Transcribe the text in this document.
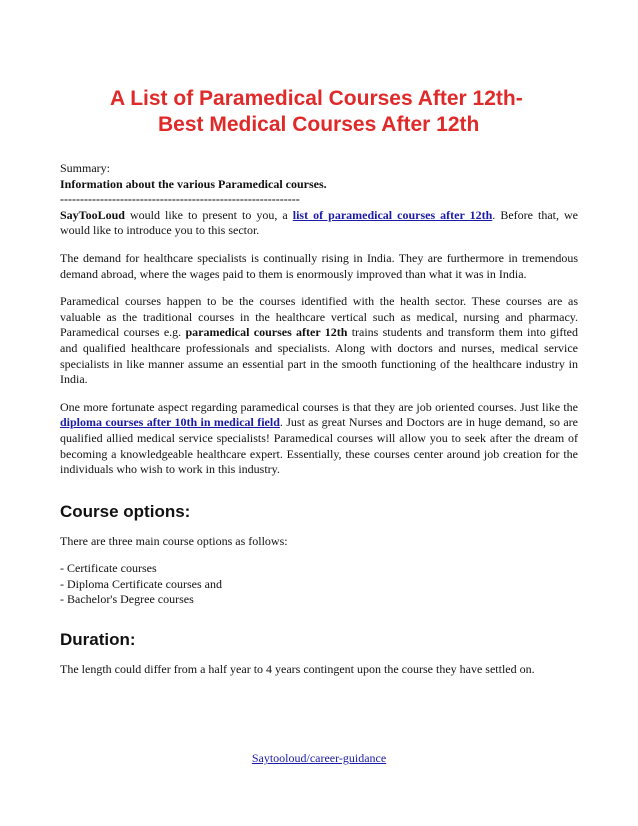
A List of Paramedical Courses After 12th-
Best Medical Courses After 12th

Summary:

Information about the various Paramedical courses.

------------------------------------------------------------

SayTooLoud would like to present to you, a list of paramedical courses after 12th. Before that, we would like to introduce you to this sector.

The demand for healthcare specialists is continually rising in India. They are furthermore in tremendous demand abroad, where the wages paid to them is enormously improved than what it was in India.

Paramedical courses happen to be the courses identified with the health sector. These courses are as valuable as the traditional courses in the healthcare vertical such as medical, nursing and pharmacy. Paramedical courses e.g. paramedical courses after 12th trains students and transform them into gifted and qualified healthcare professionals and specialists. Along with doctors and nurses, medical service specialists in like manner assume an essential part in the smooth functioning of the healthcare industry in India.

One more fortunate aspect regarding paramedical courses is that they are job oriented courses. Just like the diploma courses after 10th in medical field. Just as great Nurses and Doctors are in huge demand, so are qualified allied medical service specialists! Paramedical courses will allow you to seek after the dream of becoming a knowledgeable healthcare expert. Essentially, these courses center around job creation for the individuals who wish to work in this industry.

Course options:

There are three main course options as follows:

- Certificate courses

- Diploma Certificate courses and

- Bachelor's Degree courses

Duration:

The length could differ from a half year to 4 years contingent upon the course they have settled on.

Saytooloud/career-guidance
